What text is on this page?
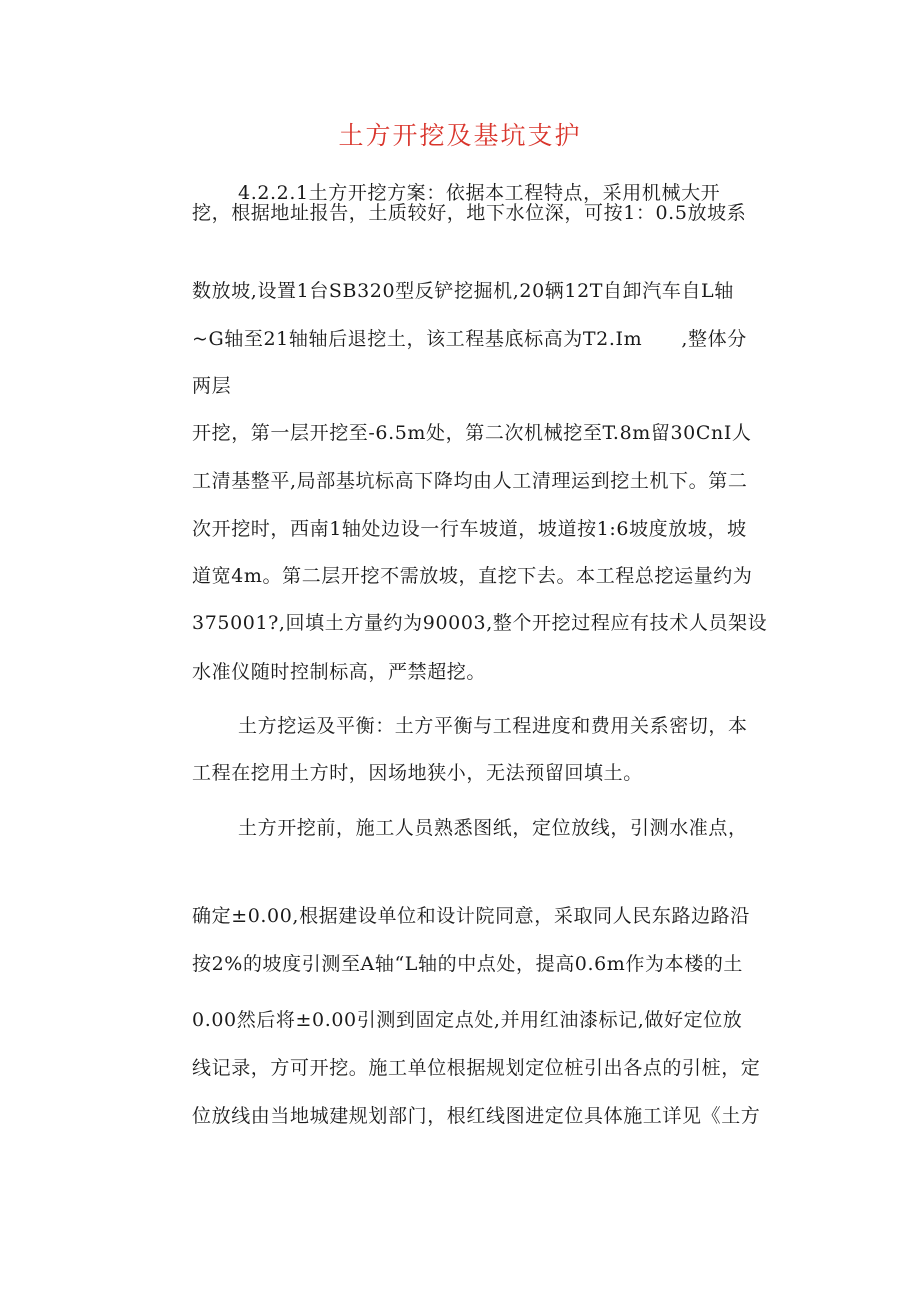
土方开挖及基坑支护
4.2.2.1土方开挖方案：依据本工程特点，采用机械大开
挖，根据地址报告，土质较好，地下水位深，可按1：0.5放坡系
数放坡,设置1台SB320型反铲挖掘机,20辆12T自卸汽车自L轴
~G轴至21轴轴后退挖土，该工程基底标高为T2.Im　　,整体分
两层
开挖，第一层开挖至-6.5m处，第二次机械挖至T.8m留30CnI人
工清基整平,局部基坑标高下降均由人工清理运到挖土机下。第二
次开挖时，西南1轴处边设一行车坡道，坡道按1:6坡度放坡，坡
道宽4m。第二层开挖不需放坡，直挖下去。本工程总挖运量约为
375001?,回填土方量约为90003,整个开挖过程应有技术人员架设
水准仪随时控制标高，严禁超挖。
土方挖运及平衡：土方平衡与工程进度和费用关系密切，本
工程在挖用土方时，因场地狭小，无法预留回填土。
土方开挖前，施工人员熟悉图纸，定位放线，引测水准点，
确定±0.00,根据建设单位和设计院同意，采取同人民东路边路沿
按2%的坡度引测至A轴“L轴的中点处，提高0.6m作为本楼的土
0.00然后将±0.00引测到固定点处,并用红油漆标记,做好定位放
线记录，方可开挖。施工单位根据规划定位桩引出各点的引桩，定
位放线由当地城建规划部门，根红线图进定位具体施工详见《土方
